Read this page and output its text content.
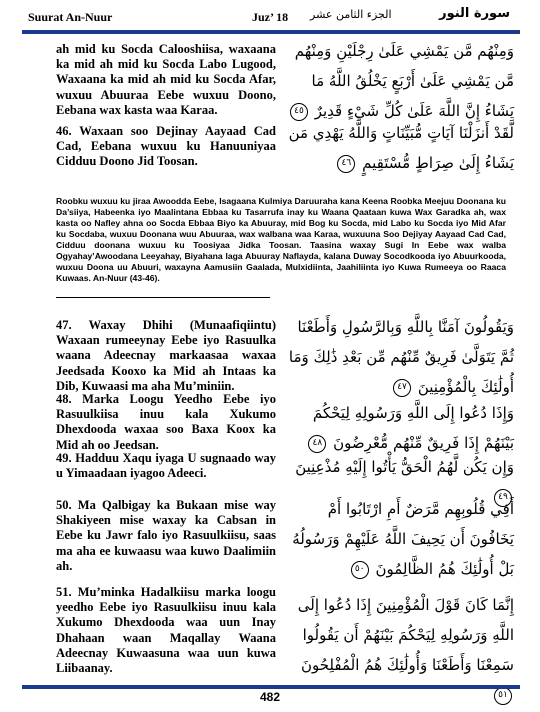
Suurat An-Nuur	Juz’ 18 الجزء الثامن عشر	سورة النور
ah mid ku Socda Calooshiisa, waxaana ka mid ah mid ku Socda Labo Lugood, Waxaana ka mid ah mid ku Socda Afar, wuxuu Abuuraa Eebe wuxuu Doono, Eebana wax kasta waa Karaa.
وَمِنْهُم مَّن يَمْشِي عَلَىٰ رِجْلَيْنِ وَمِنْهُم مَّن يَمْشِي عَلَىٰ أَرْبَعٍ يَخْلُقُ اللَّهُ مَا يَشَاءُ إِنَّ اللَّهَ عَلَىٰ كُلِّ شَيْءٍ قَدِيرٌ ٤٥
46. Waxaan soo Dejinay Aayaad Cad Cad, Eebana wuxuu ku Hanuuniyaa Cidduu Doono Jid Toosan.
لَّقَدْ أَنزَلْنَا آيَاتٍ مُّبَيِّنَاتٍ وَاللَّهُ يَهْدِي مَن يَشَاءُ إِلَىٰ صِرَاطٍ مُّسْتَقِيمٍ ٤٦
Roobku wuxuu ku jiraa Awoodda Eebe, Isagaana Kulmiya Daruuraha kana Keena Roobka Meejuu Doonana ku Da’siiya, Habeenka iyo Maalintana Ebbaa ku Tasarrufa inay ku Waana Qaataan kuwa Wax Garadka ah, wax kasta oo Nafley ahna oo Socda Ebbaa Biyo ka Abuuray, mid Bog ku Socda, mid Labo ku Socda iyo Mid Afar ku Socdaba, wuxuu Doonana wuu Abuuraa, wax walbana waa Karaa, wuxuuna Soo Dejiyay Aayaad Cad Cad, Cidduu doonana wuxuu ku Toosiyaa Jidka Toosan. Taasina waxay Sugi In Eebe wax walba Ogyahay’Awoodana Leeyahay, Biyahana laga Abuuray Naflayda, kalana Duway Socodkooda iyo Abuurkooda, wuxuu Doona uu Abuuri, waxayna Aamusiin Gaalada, Mulxidiinta, Jaahiliinta iyo Kuwa Rumeeya oo Raaca Kuwaas. An-Nuur (43-46).
47. Waxay Dhihi (Munaafiqiintu) Waxaan rumeeynay Eebe iyo Rasuulka waana Adeecnay markaasaa waxaa Jeedsada Kooxo ka Mid ah Intaas ka Dib, Kuwaasi ma aha Mu’miniin.
وَيَقُولُونَ آمَنَّا بِاللَّهِ وَبِالرَّسُولِ وَأَطَعْنَا ثُمَّ يَتَوَلَّىٰ فَرِيقٌ مِّنْهُم مِّن بَعْدِ ذَٰلِكَ وَمَا أُولَٰئِكَ بِالْمُؤْمِنِينَ ٤٧
48. Marka Loogu Yeedho Eebe iyo Rasuulkiisa inuu kala Xukumo Dhexdooda waxaa soo Baxa Koox ka Mid ah oo Jeedsan.
وَإِذَا دُعُوا إِلَى اللَّهِ وَرَسُولِهِ لِيَحْكُمَ بَيْنَهُمْ إِذَا فَرِيقٌ مِّنْهُم مُّعْرِضُونَ ٤٨
49. Hadduu Xaqu iyaga U sugnaado way u Yimaadaan iyagoo Adeeci.	وَإِن يَكُن لَّهُمُ الْحَقُّ يَأْتُوا إِلَيْهِ مُذْعِنِينَ ٤٩
50. Ma Qalbigay ka Bukaan mise way Shakiyeen mise waxay ka Cabsan in Eebe ku Jawr falo iyo Rasuulkiisu, saas ma aha ee kuwaasu waa kuwo Daalimiin ah.
أَفِي قُلُوبِهِم مَّرَضٌ أَمِ ارْتَابُوا أَمْ يَخَافُونَ أَن يَحِيفَ اللَّهُ عَلَيْهِمْ وَرَسُولُهُ بَلْ أُولَٰئِكَ هُمُ الظَّالِمُونَ ٥٠
51. Mu’minka Hadalkiisu marka loogu yeedho Eebe iyo Rasuulkiisu inuu kala Xukumo Dhexdooda waa uun Inay Dhahaan waan Maqallay Waana Adeecnay Kuwaasuna waa uun kuwa Liibaanay.
إِنَّمَا كَانَ قَوْلَ الْمُؤْمِنِينَ إِذَا دُعُوا إِلَى اللَّهِ وَرَسُولِهِ لِيَحْكُمَ بَيْنَهُمْ أَن يَقُولُوا سَمِعْنَا وَأَطَعْنَا وَأُولَٰئِكَ هُمُ الْمُفْلِحُونَ ٥١
482
